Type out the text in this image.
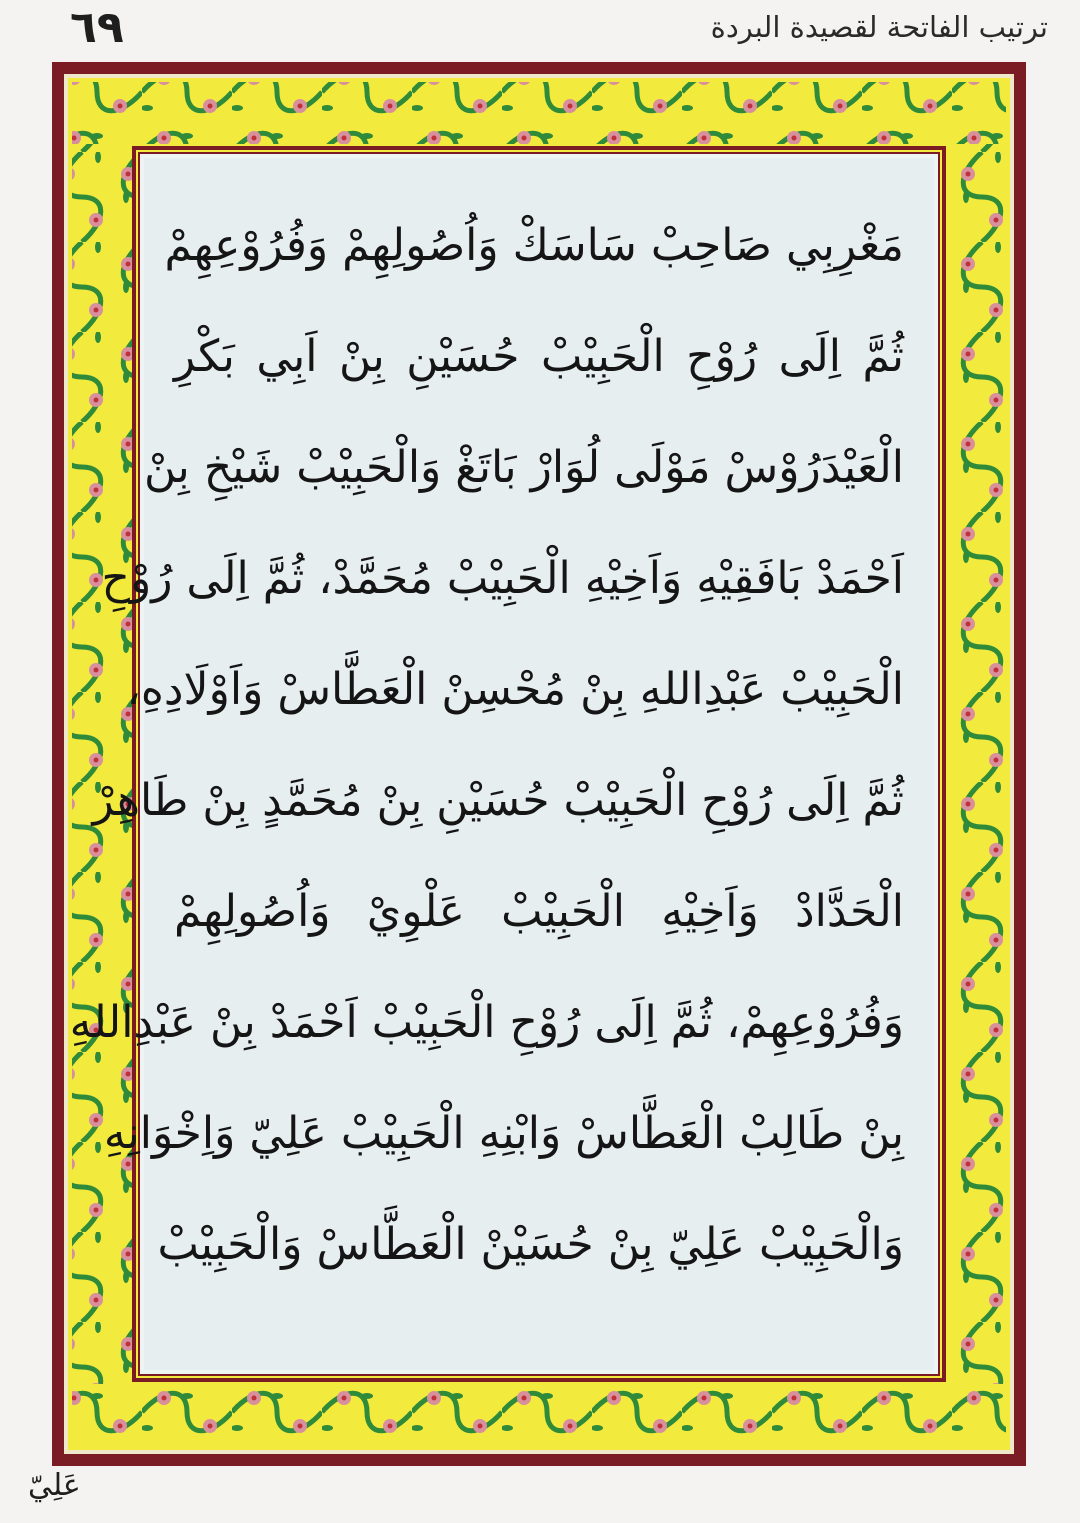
٦٩	ترتيب الفاتحة لقصيدة البردة
مَغْرِبِي صَاحِبْ سَاسَكْ وَاُصُولِهِمْ وَفُرُوْعِهِمْ
ثُمَّ اِلَى رُوْحِ الْحَبِيْبْ حُسَيْنِ بِنْ اَبِي بَكْرِ
الْعَيْدَرُوْسْ مَوْلَى لُوَارْ بَاتَغْ وَالْحَبِيْبْ شَيْخِ بِنْ
اَحْمَدْ بَافَقِيْهِ وَاَخِيْهِ الْحَبِيْبْ مُحَمَّدْ، ثُمَّ اِلَى رُوْحِ
الْحَبِيْبْ عَبْدِاللهِ بِنْ مُحْسِنْ الْعَطَّاسْ وَاَوْلَادِهِ،
ثُمَّ اِلَى رُوْحِ الْحَبِيْبْ حُسَيْنِ بِنْ مُحَمَّدٍ بِنْ طَاهِرْ
الْحَدَّادْ وَاَخِيْهِ الْحَبِيْبْ عَلْوِيْ وَاُصُولِهِمْ
وَفُرُوْعِهِمْ، ثُمَّ اِلَى رُوْحِ الْحَبِيْبْ اَحْمَدْ بِنْ عَبْدِاللهِ
بِنْ طَالِبْ الْعَطَّاسْ وَابْنِهِ الْحَبِيْبْ عَلِيّ وَاِخْوَانِهِ
وَالْحَبِيْبْ عَلِيّ بِنْ حُسَيْنْ الْعَطَّاسْ وَالْحَبِيْبْ
عَلِيّ
